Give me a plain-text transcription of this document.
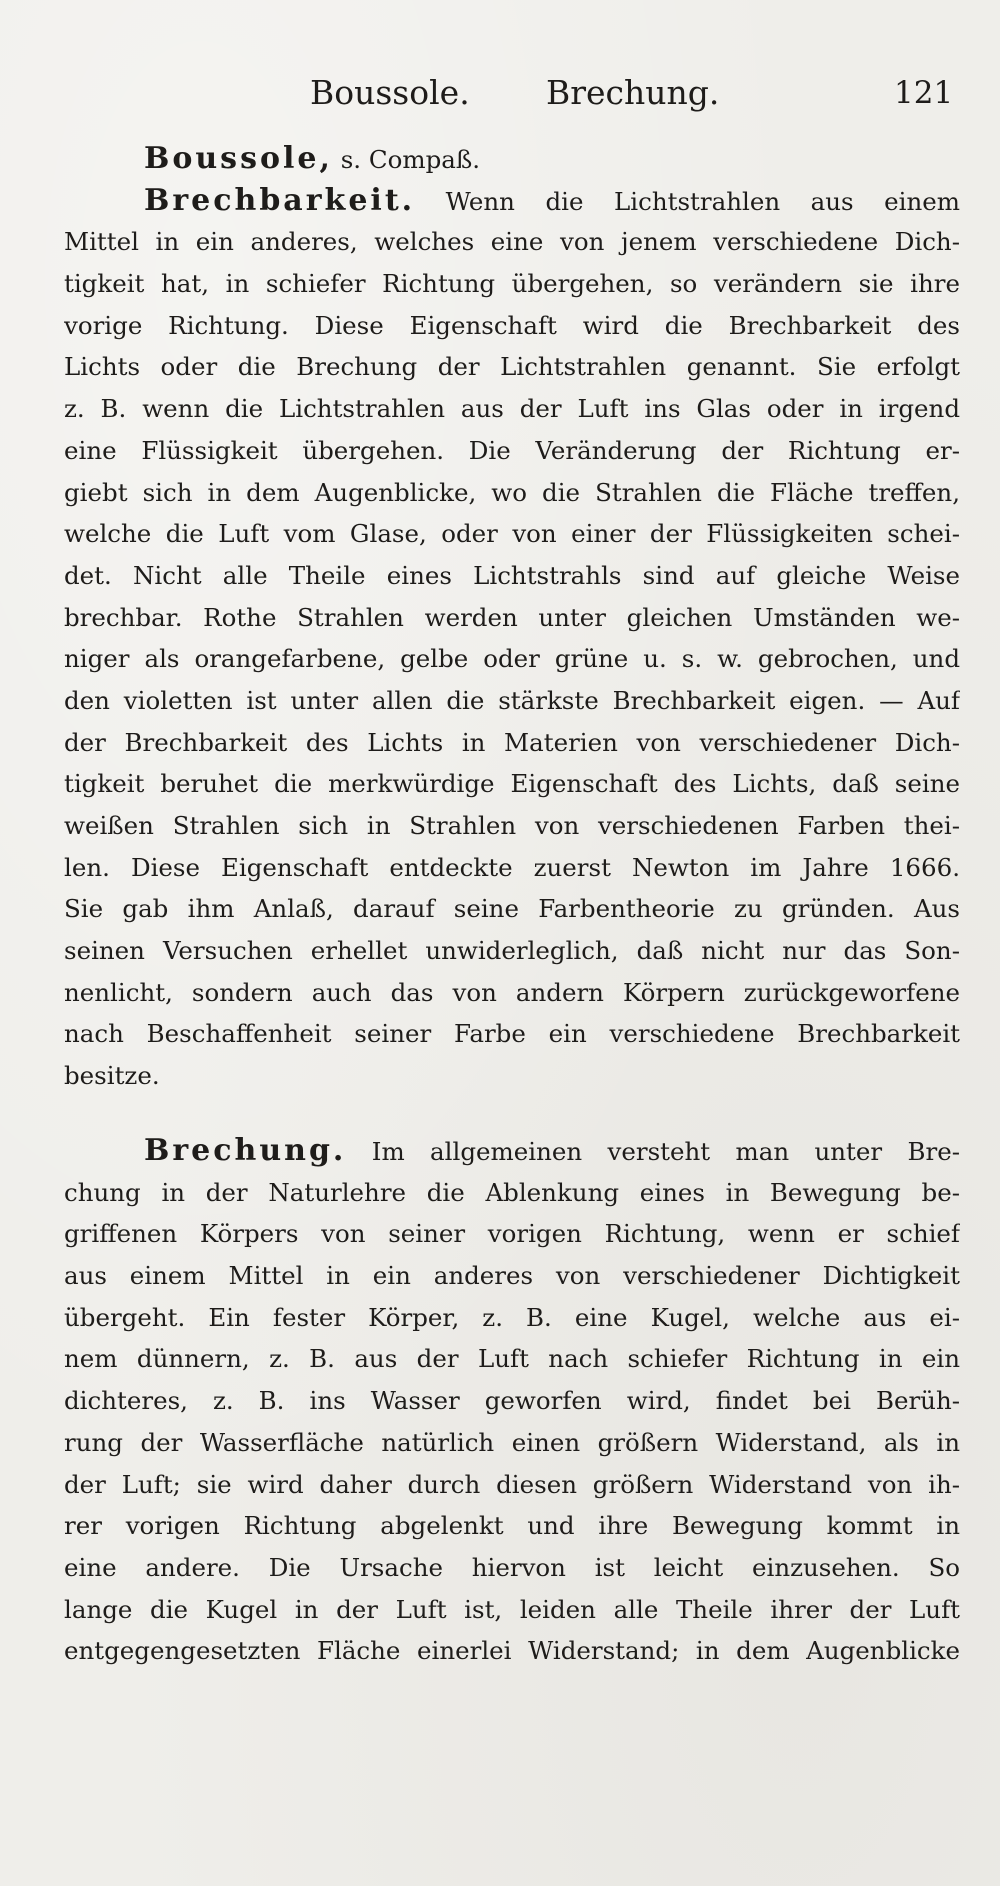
Boussole. Brechung.	121
Boussole, s. Compaß.
Brechbarkeit. Wenn die Lichtstrahlen aus einem
Mittel in ein anderes, welches eine von jenem verschiedene Dich-
tigkeit hat, in schiefer Richtung übergehen, so verändern sie ihre
vorige Richtung. Diese Eigenschaft wird die Brechbarkeit des
Lichts oder die Brechung der Lichtstrahlen genannt. Sie erfolgt
z. B. wenn die Lichtstrahlen aus der Luft ins Glas oder in irgend
eine Flüssigkeit übergehen. Die Veränderung der Richtung er-
giebt sich in dem Augenblicke, wo die Strahlen die Fläche treffen,
welche die Luft vom Glase, oder von einer der Flüssigkeiten schei-
det. Nicht alle Theile eines Lichtstrahls sind auf gleiche Weise
brechbar. Rothe Strahlen werden unter gleichen Umständen we-
niger als orangefarbene, gelbe oder grüne u. s. w. gebrochen, und
den violetten ist unter allen die stärkste Brechbarkeit eigen. — Auf
der Brechbarkeit des Lichts in Materien von verschiedener Dich-
tigkeit beruhet die merkwürdige Eigenschaft des Lichts, daß seine
weißen Strahlen sich in Strahlen von verschiedenen Farben thei-
len. Diese Eigenschaft entdeckte zuerst Newton im Jahre 1666.
Sie gab ihm Anlaß, darauf seine Farbentheorie zu gründen. Aus
seinen Versuchen erhellet unwiderleglich, daß nicht nur das Son-
nenlicht, sondern auch das von andern Körpern zurückgeworfene
nach Beschaffenheit seiner Farbe ein verschiedene Brechbarkeit
besitze.
Brechung. Im allgemeinen versteht man unter Bre-
chung in der Naturlehre die Ablenkung eines in Bewegung be-
griffenen Körpers von seiner vorigen Richtung, wenn er schief
aus einem Mittel in ein anderes von verschiedener Dichtigkeit
übergeht. Ein fester Körper, z. B. eine Kugel, welche aus ei-
nem dünnern, z. B. aus der Luft nach schiefer Richtung in ein
dichteres, z. B. ins Wasser geworfen wird, findet bei Berüh-
rung der Wasserfläche natürlich einen größern Widerstand, als in
der Luft; sie wird daher durch diesen größern Widerstand von ih-
rer vorigen Richtung abgelenkt und ihre Bewegung kommt in
eine andere. Die Ursache hiervon ist leicht einzusehen. So
lange die Kugel in der Luft ist, leiden alle Theile ihrer der Luft
entgegengesetzten Fläche einerlei Widerstand; in dem Augenblicke
